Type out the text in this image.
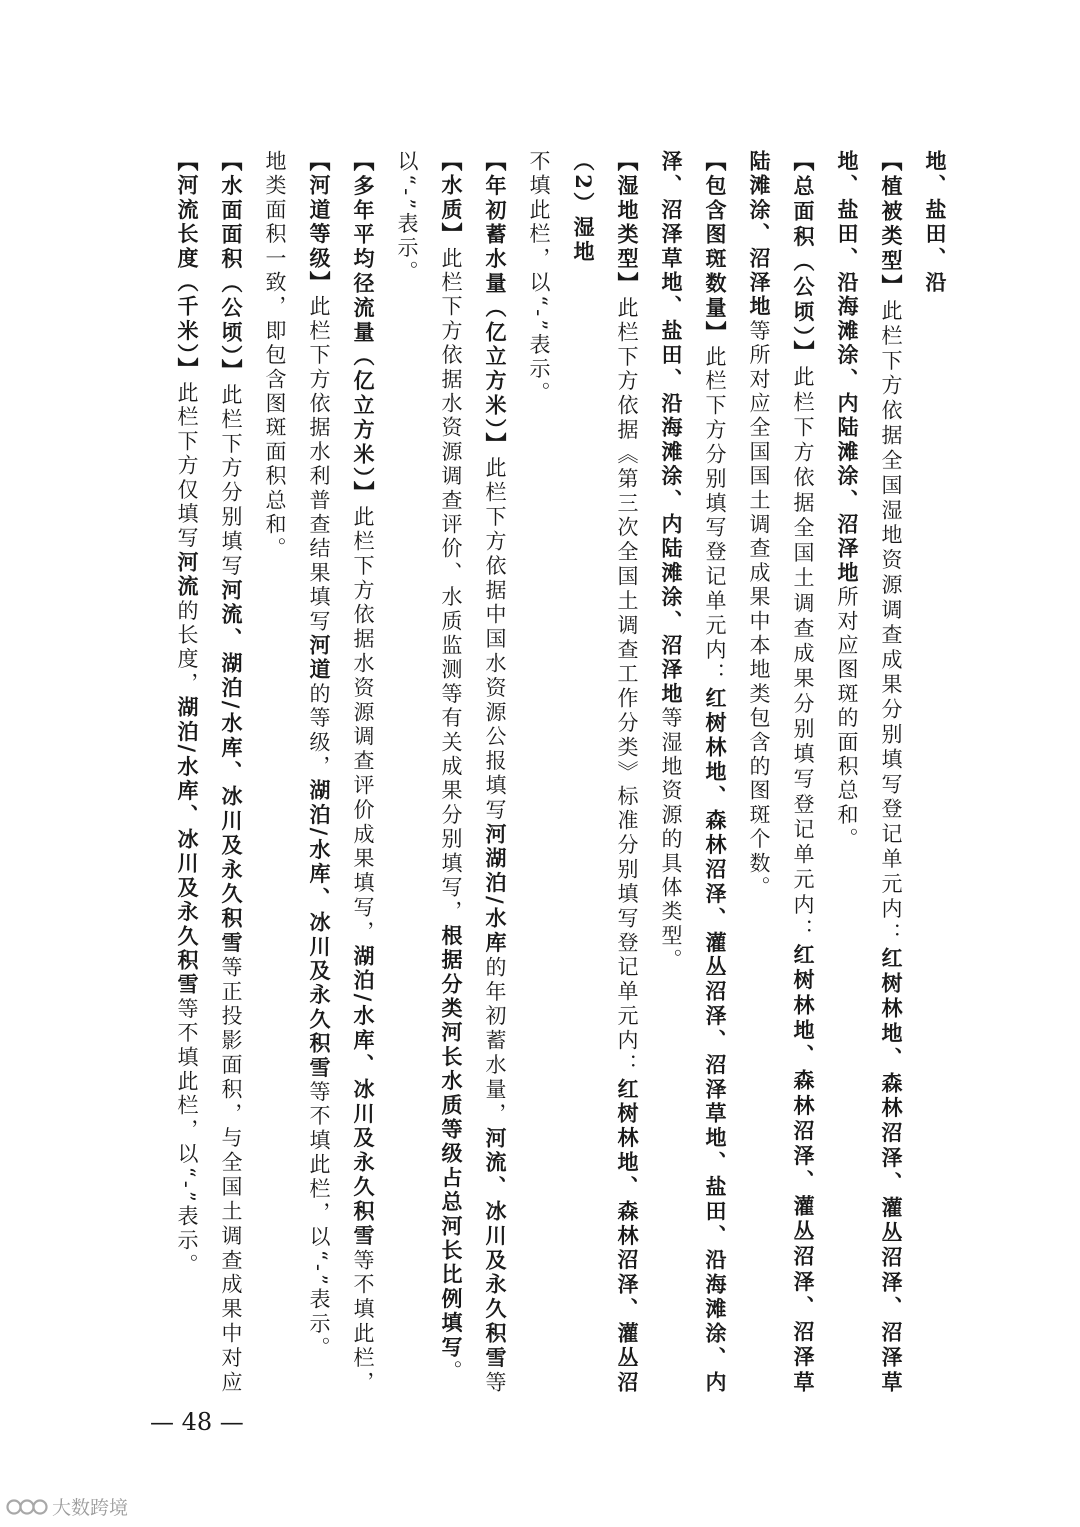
【河流长度（千米）】此栏下方仅填写河流的长度，湖泊/水库、冰川及永久积雪等不填此栏，以“-”表示。

【水面面积（公顷）】此栏下方分别填写河流、湖泊/水库、冰川及永久积雪等正投影面积，与全国土调查成果中对应地类面积一致，即包含图斑面积总和。 【河道等级】此栏下方依据水利普查结果填写河道的等级，湖泊/水库、冰川及永久积雪等不填此栏，以“-”表示。

【多年平均径流量（亿立方米）】此栏下方依据水资源调查评价成果填写，湖泊/水库、冰川及永久积雪等不填此栏，以“-”表示。 【水质】此栏下方依据水资源调查评价、水质监测等有关成果分别填写，根据分类河长水质等级占总河长比例填写。

【年初蓄水量（亿立方米）】此栏下方依据中国水资源公报填写河湖泊/水库的年初蓄水量，河流、冰川及永久积雪等不填此栏，以“-”表示。 （2）湿地 【湿地类型】此栏下方依据《第三次全国土调查工作分类》标准分别填写登记单元内：红树林地、森林沼泽、灌丛沼泽、沼泽草地、盐田、沿海滩涂、内陆滩涂、沼泽地等湿地资源的具体类型。

【包含图斑数量】此栏下方分别填写登记单元内：红树林地、森林沼泽、灌丛沼泽、沼泽草地、盐田、沿海滩涂、内陆滩涂、沼泽地等所对应全国国土调查成果中本地类包含的图斑个数。

【总面积（公顷）】此栏下方依据全国土调查成果分别填写登记单元内：红树林地、森林沼泽、灌丛沼泽、沼泽草地、盐田、沿海滩涂、内陆滩涂、沼泽地所对应图斑的面积总和。

【植被类型】此栏下方依据全国湿地资源调查成果分别填写登记单元内：红树林地、森林沼泽、灌丛沼泽、沼泽草地、盐田、沿

— 48 —
大数跨境
